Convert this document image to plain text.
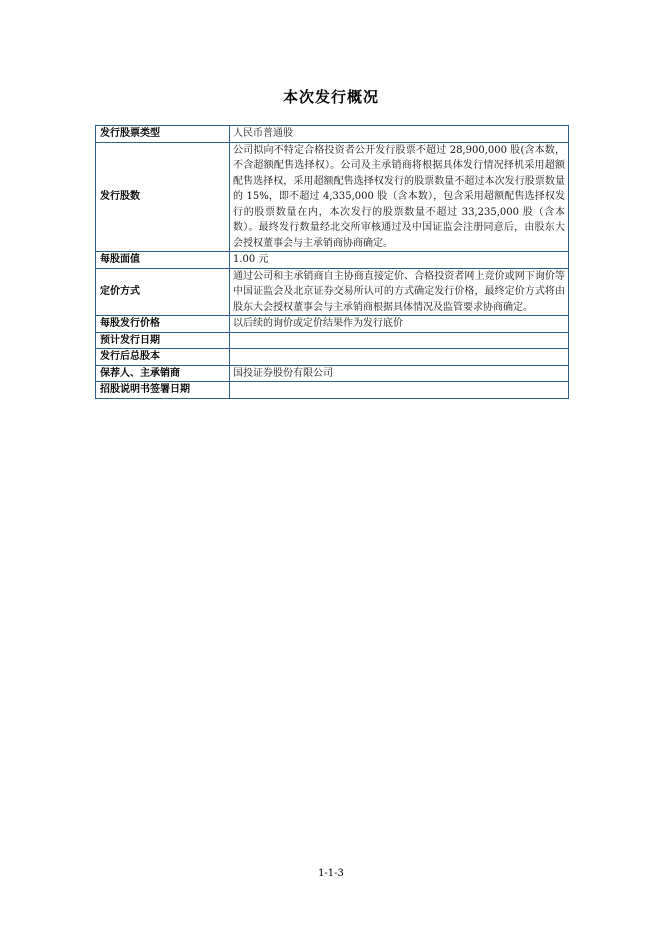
本次发行概况
发行股票类型	人民币普通股
发行股数	公司拟向不特定合格投资者公开发行股票不超过 28,900,000 股(含本数，不含超额配售选择权）。公司及主承销商将根据具体发行情况择机采用超额配售选择权，采用超额配售选择权发行的股票数量不超过本次发行股票数量的 15%，即不超过 4,335,000 股（含本数），包含采用超额配售选择权发行的股票数量在内，本次发行的股票数量不超过 33,235,000 股（含本数）。最终发行数量经北交所审核通过及中国证监会注册同意后，由股东大会授权董事会与主承销商协商确定。
每股面值	1.00 元
定价方式	通过公司和主承销商自主协商直接定价、合格投资者网上竞价或网下询价等中国证监会及北京证券交易所认可的方式确定发行价格，最终定价方式将由股东大会授权董事会与主承销商根据具体情况及监管要求协商确定。
每股发行价格	以后续的询价或定价结果作为发行底价
预计发行日期	
发行后总股本	
保荐人、主承销商	国投证券股份有限公司
招股说明书签署日期	
1-1-3
